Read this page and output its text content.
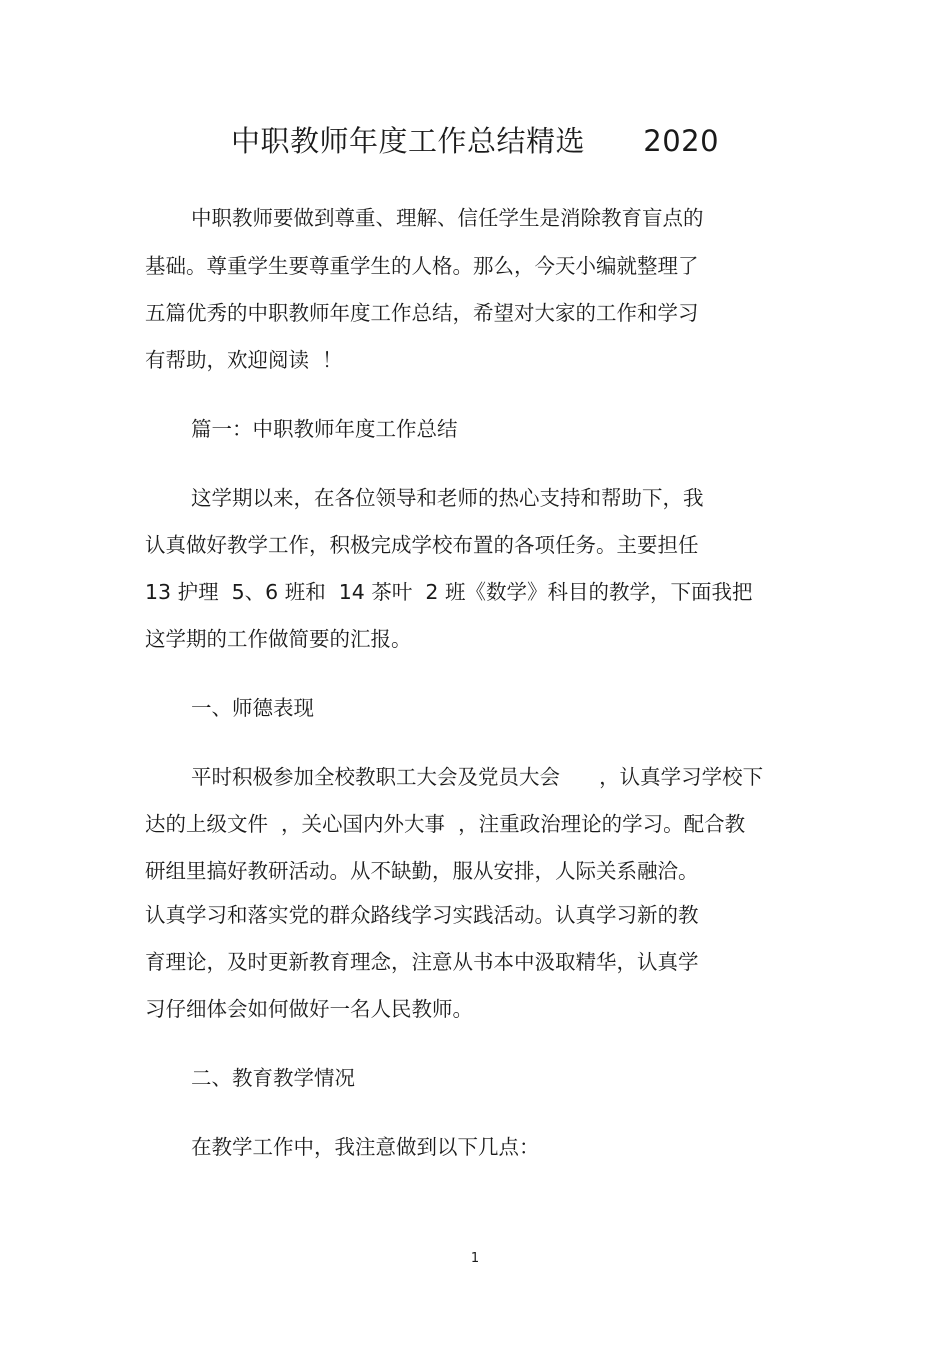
中职教师年度工作总结精选      2020
中职教师要做到尊重、理解、信任学生是消除教育盲点的
基础。尊重学生要尊重学生的人格。那么，今天小编就整理了
五篇优秀的中职教师年度工作总结，希望对大家的工作和学习
有帮助，欢迎阅读  ！
篇一：中职教师年度工作总结
这学期以来，在各位领导和老师的热心支持和帮助下，我
认真做好教学工作，积极完成学校布置的各项任务。主要担任
13 护理  5、6 班和  14 茶叶  2 班《数学》科目的教学，下面我把
这学期的工作做简要的汇报。
一、师德表现
平时积极参加全校教职工大会及党员大会      ，认真学习学校下
达的上级文件  ，关心国内外大事  ，注重政治理论的学习。配合教
研组里搞好教研活动。从不缺勤，服从安排，人际关系融洽。
认真学习和落实党的群众路线学习实践活动。认真学习新的教
育理论，及时更新教育理念，注意从书本中汲取精华，认真学
习仔细体会如何做好一名人民教师。
二、教育教学情况
在教学工作中，我注意做到以下几点：
1
